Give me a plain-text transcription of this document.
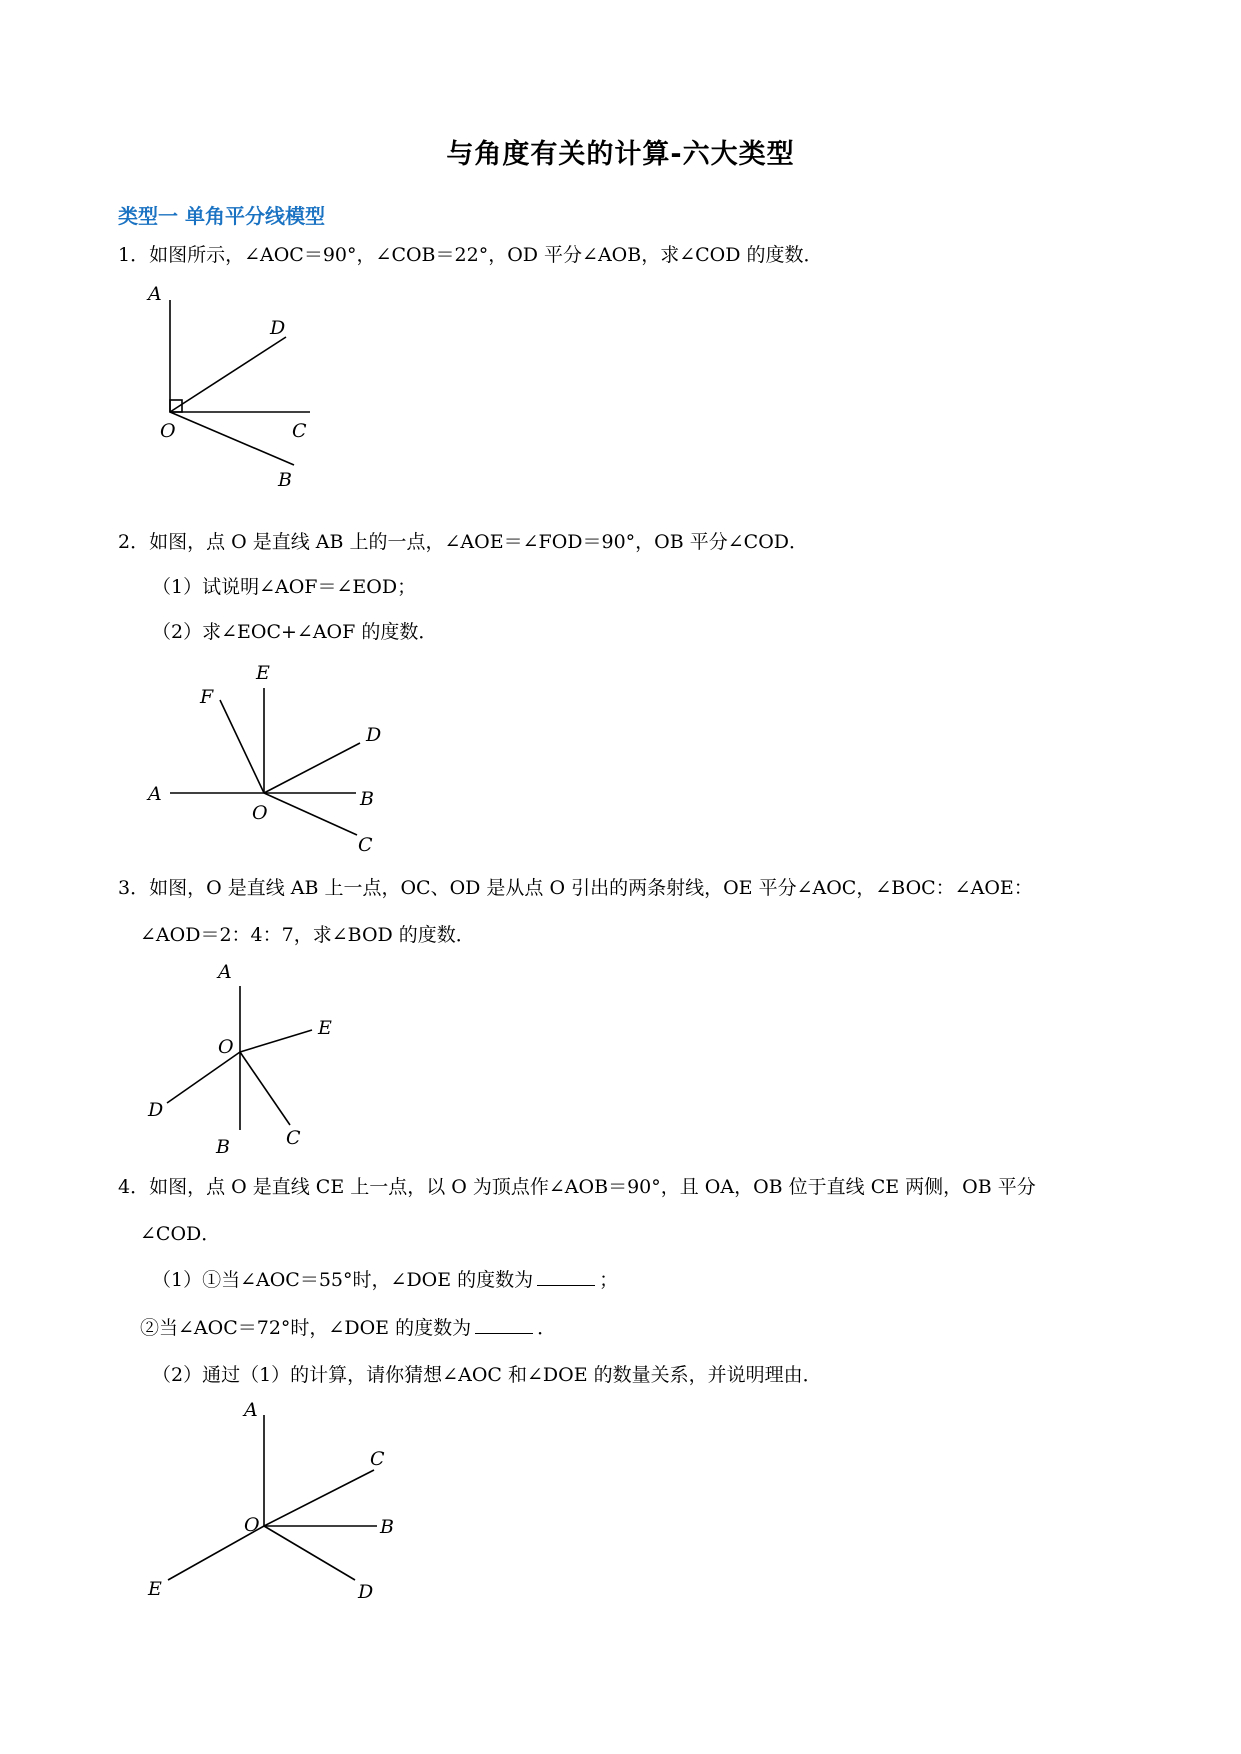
与角度有关的计算-六大类型
类型一 单角平分线模型
1．如图所示，∠AOC＝90°，∠COB＝22°，OD 平分∠AOB，求∠COD 的度数．
2．如图，点 O 是直线 AB 上的一点，∠AOE＝∠FOD＝90°，OB 平分∠COD．
（1）试说明∠AOF＝∠EOD；
（2）求∠EOC+∠AOF 的度数．
3．如图，O 是直线 AB 上一点，OC、OD 是从点 O 引出的两条射线，OE 平分∠AOC，∠BOC：∠AOE：
∠AOD＝2：4：7，求∠BOD 的度数．
4．如图，点 O 是直线 CE 上一点，以 O 为顶点作∠AOB＝90°，且 OA，OB 位于直线 CE 两侧，OB 平分
∠COD．
（1）①当∠AOC＝55°时，∠DOE 的度数为	；
②当∠AOC＝72°时，∠DOE 的度数为	．
（2）通过（1）的计算，请你猜想∠AOC 和∠DOE 的数量关系，并说明理由．
A
D
O	C
B
E
F
D
A
O
B
C
A
O
E
D
B	C
A
C
O	B
E	D
